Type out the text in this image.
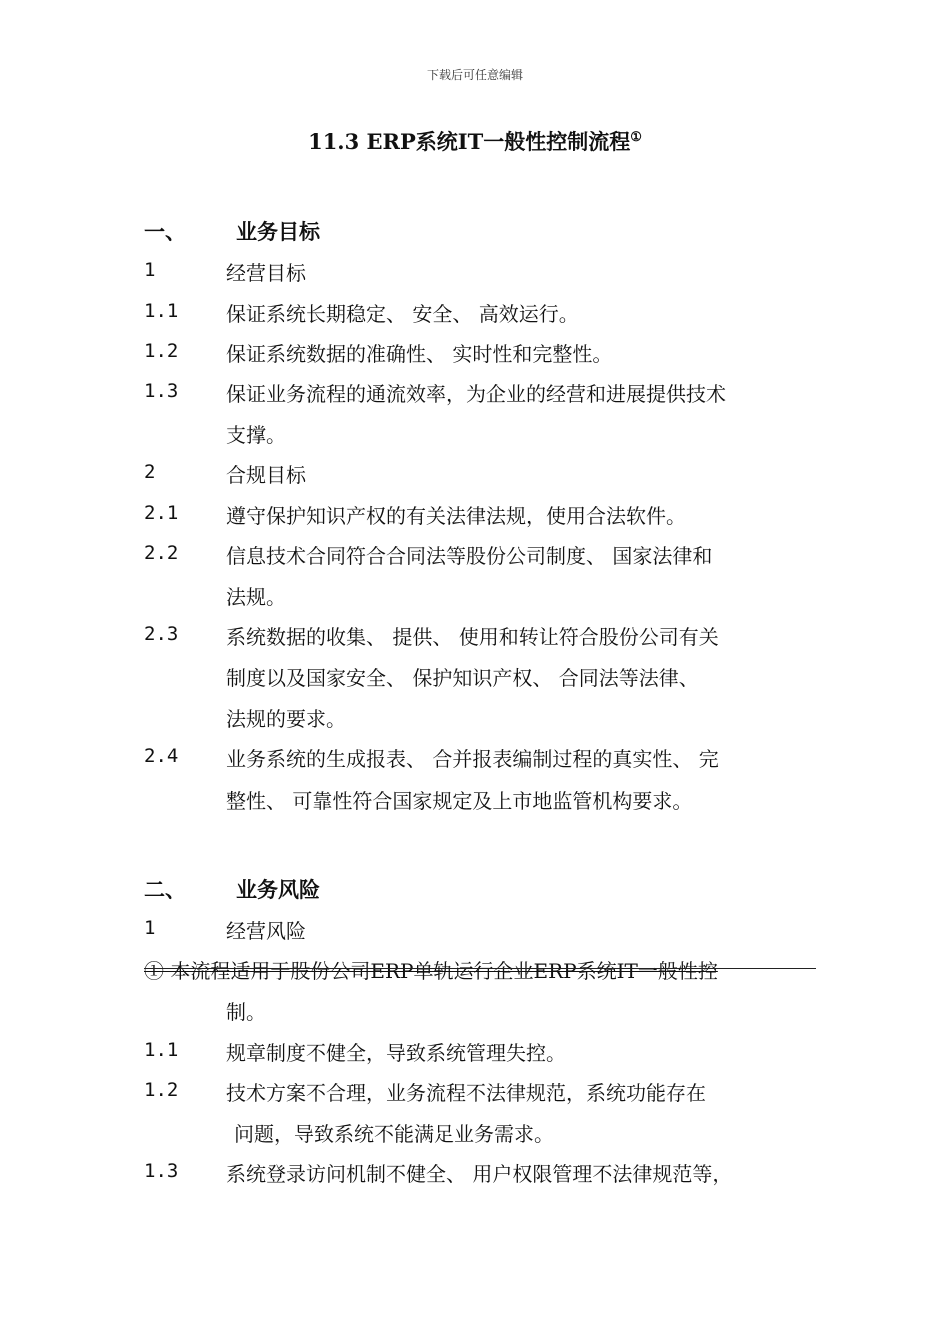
下载后可任意编辑
11.3 ERP系统IT一般性控制流程①
一、 业务目标
1	经营目标
1.1 保证系统长期稳定、 安全、 高效运行。
1.2 保证系统数据的准确性、 实时性和完整性。
1.3 保证业务流程的通流效率，为企业的经营和进展提供技术
支撑。
2	合规目标
2.1 遵守保护知识产权的有关法律法规，使用合法软件。
2.2 信息技术合同符合合同法等股份公司制度、 国家法律和
法规。
2.3 系统数据的收集、 提供、 使用和转让符合股份公司有关
制度以及国家安全、 保护知识产权、 合同法等法律、
法规的要求。
2.4 业务系统的生成报表、 合并报表编制过程的真实性、 完
整性、 可靠性符合国家规定及上市地监管机构要求。
二、 业务风险
1	经营风险
① 本流程适用于股份公司ERP单轨运行企业ERP系统IT一般性控
制。
1.1 规章制度不健全，导致系统管理失控。
1.2 技术方案不合理，业务流程不法律规范，系统功能存在
问题，导致系统不能满足业务需求。
1.3 系统登录访问机制不健全、 用户权限管理不法律规范等，
